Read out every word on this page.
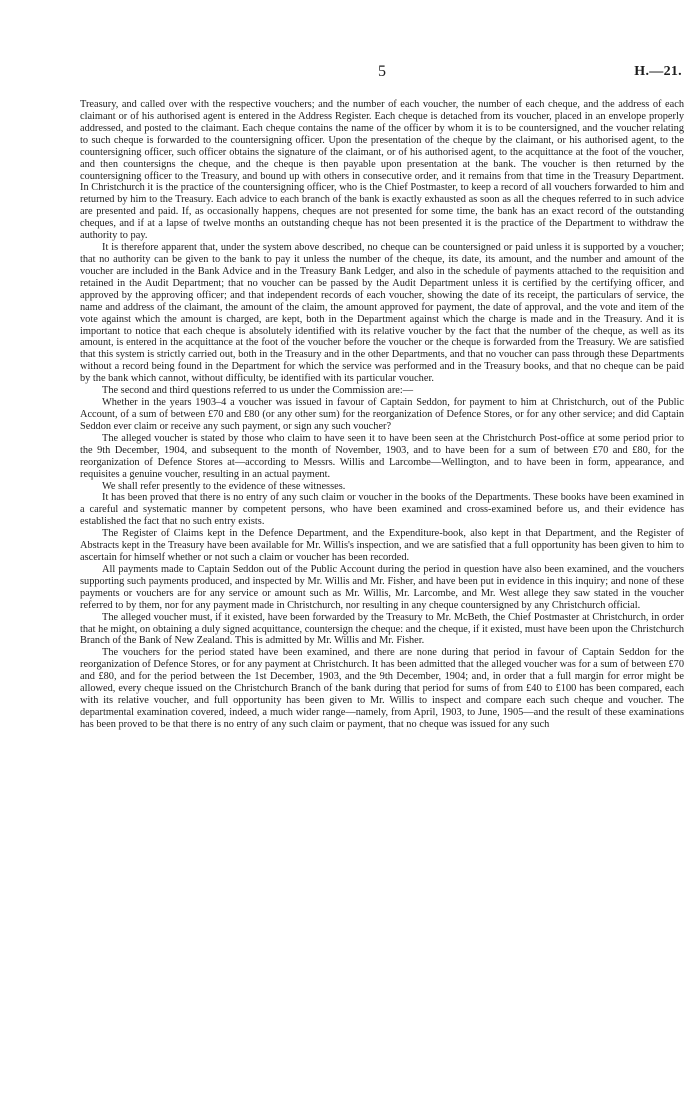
5	H.—21.

Treasury, and called over with the respective vouchers; and the number of each voucher, the number of each cheque, and the address of each claimant or of his authorised agent is entered in the Address Register. Each cheque is detached from its voucher, placed in an envelope properly addressed, and posted to the claimant. Each cheque contains the name of the officer by whom it is to be countersigned, and the voucher relating to such cheque is forwarded to the countersigning officer. Upon the presentation of the cheque by the claimant, or his authorised agent, to the countersigning officer, such officer obtains the signature of the claimant, or of his authorised agent, to the acquittance at the foot of the voucher, and then countersigns the cheque, and the cheque is then payable upon presentation at the bank. The voucher is then returned by the countersigning officer to the Treasury, and bound up with others in consecutive order, and it remains from that time in the Treasury Department. In Christchurch it is the practice of the countersigning officer, who is the Chief Postmaster, to keep a record of all vouchers forwarded to him and returned by him to the Treasury. Each advice to each branch of the bank is exactly exhausted as soon as all the cheques referred to in such advice are presented and paid. If, as occasionally happens, cheques are not presented for some time, the bank has an exact record of the outstanding cheques, and if at a lapse of twelve months an outstanding cheque has not been presented it is the practice of the Department to withdraw the authority to pay.

It is therefore apparent that, under the system above described, no cheque can be countersigned or paid unless it is supported by a voucher; that no authority can be given to the bank to pay it unless the number of the cheque, its date, its amount, and the number and amount of the voucher are included in the Bank Advice and in the Treasury Bank Ledger, and also in the schedule of payments attached to the requisition and retained in the Audit Department; that no voucher can be passed by the Audit Department unless it is certified by the certifying officer, and approved by the approving officer; and that independent records of each voucher, showing the date of its receipt, the particulars of service, the name and address of the claimant, the amount of the claim, the amount approved for payment, the date of approval, and the vote and item of the vote against which the amount is charged, are kept, both in the Department against which the charge is made and in the Treasury. And it is important to notice that each cheque is absolutely identified with its relative voucher by the fact that the number of the cheque, as well as its amount, is entered in the acquittance at the foot of the voucher before the voucher or the cheque is forwarded from the Treasury. We are satisfied that this system is strictly carried out, both in the Treasury and in the other Departments, and that no voucher can pass through these Departments without a record being found in the Department for which the service was performed and in the Treasury books, and that no cheque can be paid by the bank which cannot, without difficulty, be identified with its particular voucher.

The second and third questions referred to us under the Commission are:—

Whether in the years 1903–4 a voucher was issued in favour of Captain Seddon, for payment to him at Christchurch, out of the Public Account, of a sum of between £70 and £80 (or any other sum) for the reorganization of Defence Stores, or for any other service; and did Captain Seddon ever claim or receive any such payment, or sign any such voucher?

The alleged voucher is stated by those who claim to have seen it to have been seen at the Christchurch Post-office at some period prior to the 9th December, 1904, and subsequent to the month of November, 1903, and to have been for a sum of between £70 and £80, for the reorganization of Defence Stores at—according to Messrs. Willis and Larcombe—Wellington, and to have been in form, appearance, and requisites a genuine voucher, resulting in an actual payment.

We shall refer presently to the evidence of these witnesses.

It has been proved that there is no entry of any such claim or voucher in the books of the Departments. These books have been examined in a careful and systematic manner by competent persons, who have been examined and cross-examined before us, and their evidence has established the fact that no such entry exists.

The Register of Claims kept in the Defence Department, and the Expenditure-book, also kept in that Department, and the Register of Abstracts kept in the Treasury have been available for Mr. Willis's inspection, and we are satisfied that a full opportunity has been given to him to ascertain for himself whether or not such a claim or voucher has been recorded.

All payments made to Captain Seddon out of the Public Account during the period in question have also been examined, and the vouchers supporting such payments produced, and inspected by Mr. Willis and Mr. Fisher, and have been put in evidence in this inquiry; and none of these payments or vouchers are for any service or amount such as Mr. Willis, Mr. Larcombe, and Mr. West allege they saw stated in the voucher referred to by them, nor for any payment made in Christchurch, nor resulting in any cheque countersigned by any Christchurch official.

The alleged voucher must, if it existed, have been forwarded by the Treasury to Mr. McBeth, the Chief Postmaster at Christchurch, in order that he might, on obtaining a duly signed acquittance, countersign the cheque: and the cheque, if it existed, must have been upon the Christchurch Branch of the Bank of New Zealand. This is admitted by Mr. Willis and Mr. Fisher.

The vouchers for the period stated have been examined, and there are none during that period in favour of Captain Seddon for the reorganization of Defence Stores, or for any payment at Christchurch. It has been admitted that the alleged voucher was for a sum of between £70 and £80, and for the period between the 1st December, 1903, and the 9th December, 1904; and, in order that a full margin for error might be allowed, every cheque issued on the Christchurch Branch of the bank during that period for sums of from £40 to £100 has been compared, each with its relative voucher, and full opportunity has been given to Mr. Willis to inspect and compare each such cheque and voucher. The departmental examination covered, indeed, a much wider range—namely, from April, 1903, to June, 1905—and the result of these examinations has been proved to be that there is no entry of any such claim or payment, that no cheque was issued for any such
